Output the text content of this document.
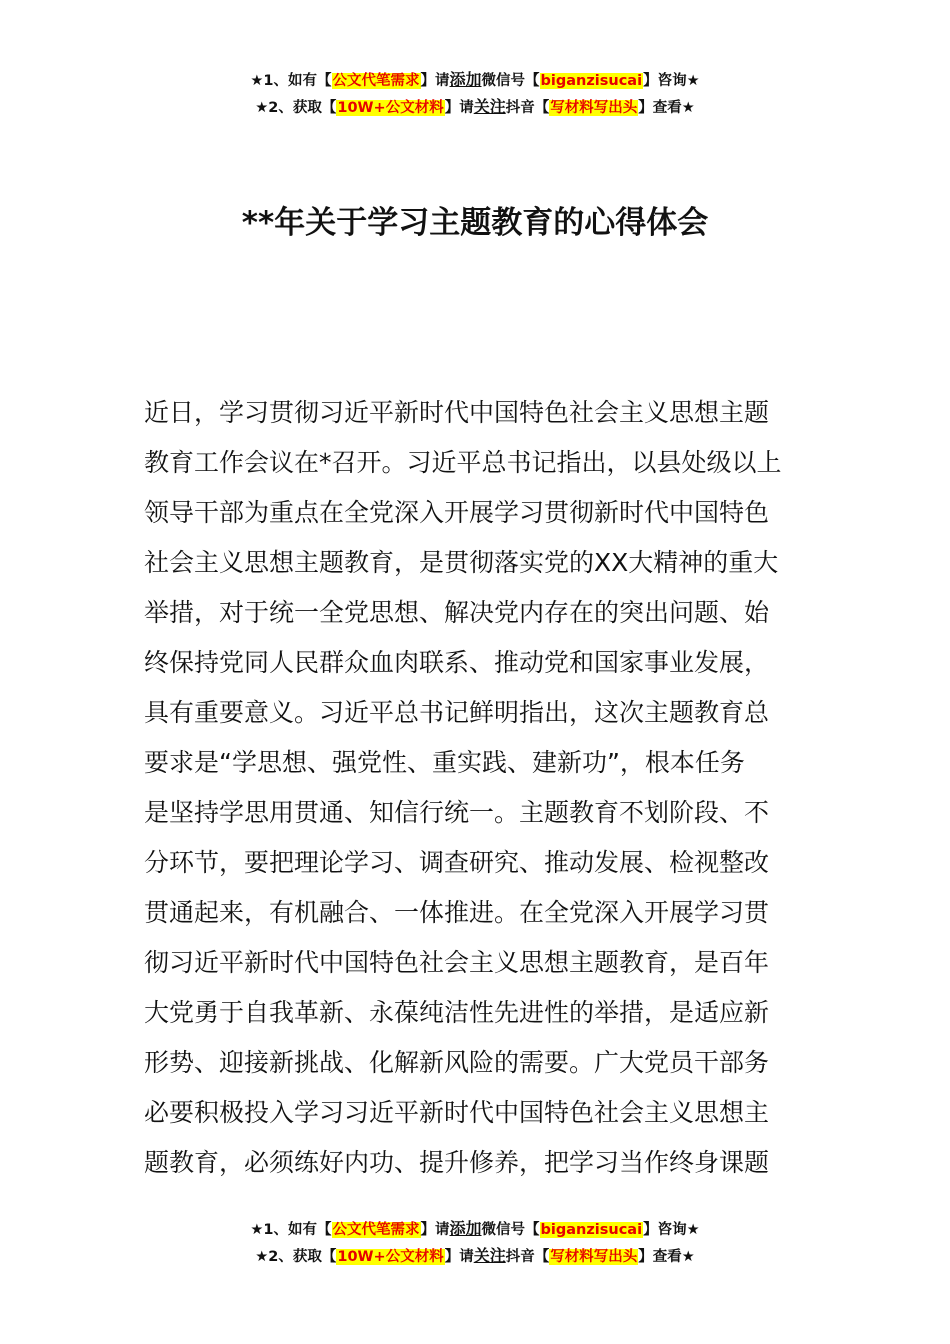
★1、如有【公文代笔需求】请添加微信号【biganzisucai】咨询★
★2、获取【10W+公文材料】请关注抖音【写材料写出头】查看★
**年关于学习主题教育的心得体会
近日，学习贯彻习近平新时代中国特色社会主义思想主题
教育工作会议在*召开。习近平总书记指出，以县处级以上
领导干部为重点在全党深入开展学习贯彻新时代中国特色
社会主义思想主题教育，是贯彻落实党的XX大精神的重大
举措，对于统一全党思想、解决党内存在的突出问题、始
终保持党同人民群众血肉联系、推动党和国家事业发展，
具有重要意义。习近平总书记鲜明指出，这次主题教育总
要求是“学思想、强党性、重实践、建新功”，根本任务
是坚持学思用贯通、知信行统一。主题教育不划阶段、不
分环节，要把理论学习、调查研究、推动发展、检视整改
贯通起来，有机融合、一体推进。在全党深入开展学习贯
彻习近平新时代中国特色社会主义思想主题教育，是百年
大党勇于自我革新、永葆纯洁性先进性的举措，是适应新
形势、迎接新挑战、化解新风险的需要。广大党员干部务
必要积极投入学习习近平新时代中国特色社会主义思想主
题教育，必须练好内功、提升修养，把学习当作终身课题
★1、如有【公文代笔需求】请添加微信号【biganzisucai】咨询★
★2、获取【10W+公文材料】请关注抖音【写材料写出头】查看★
